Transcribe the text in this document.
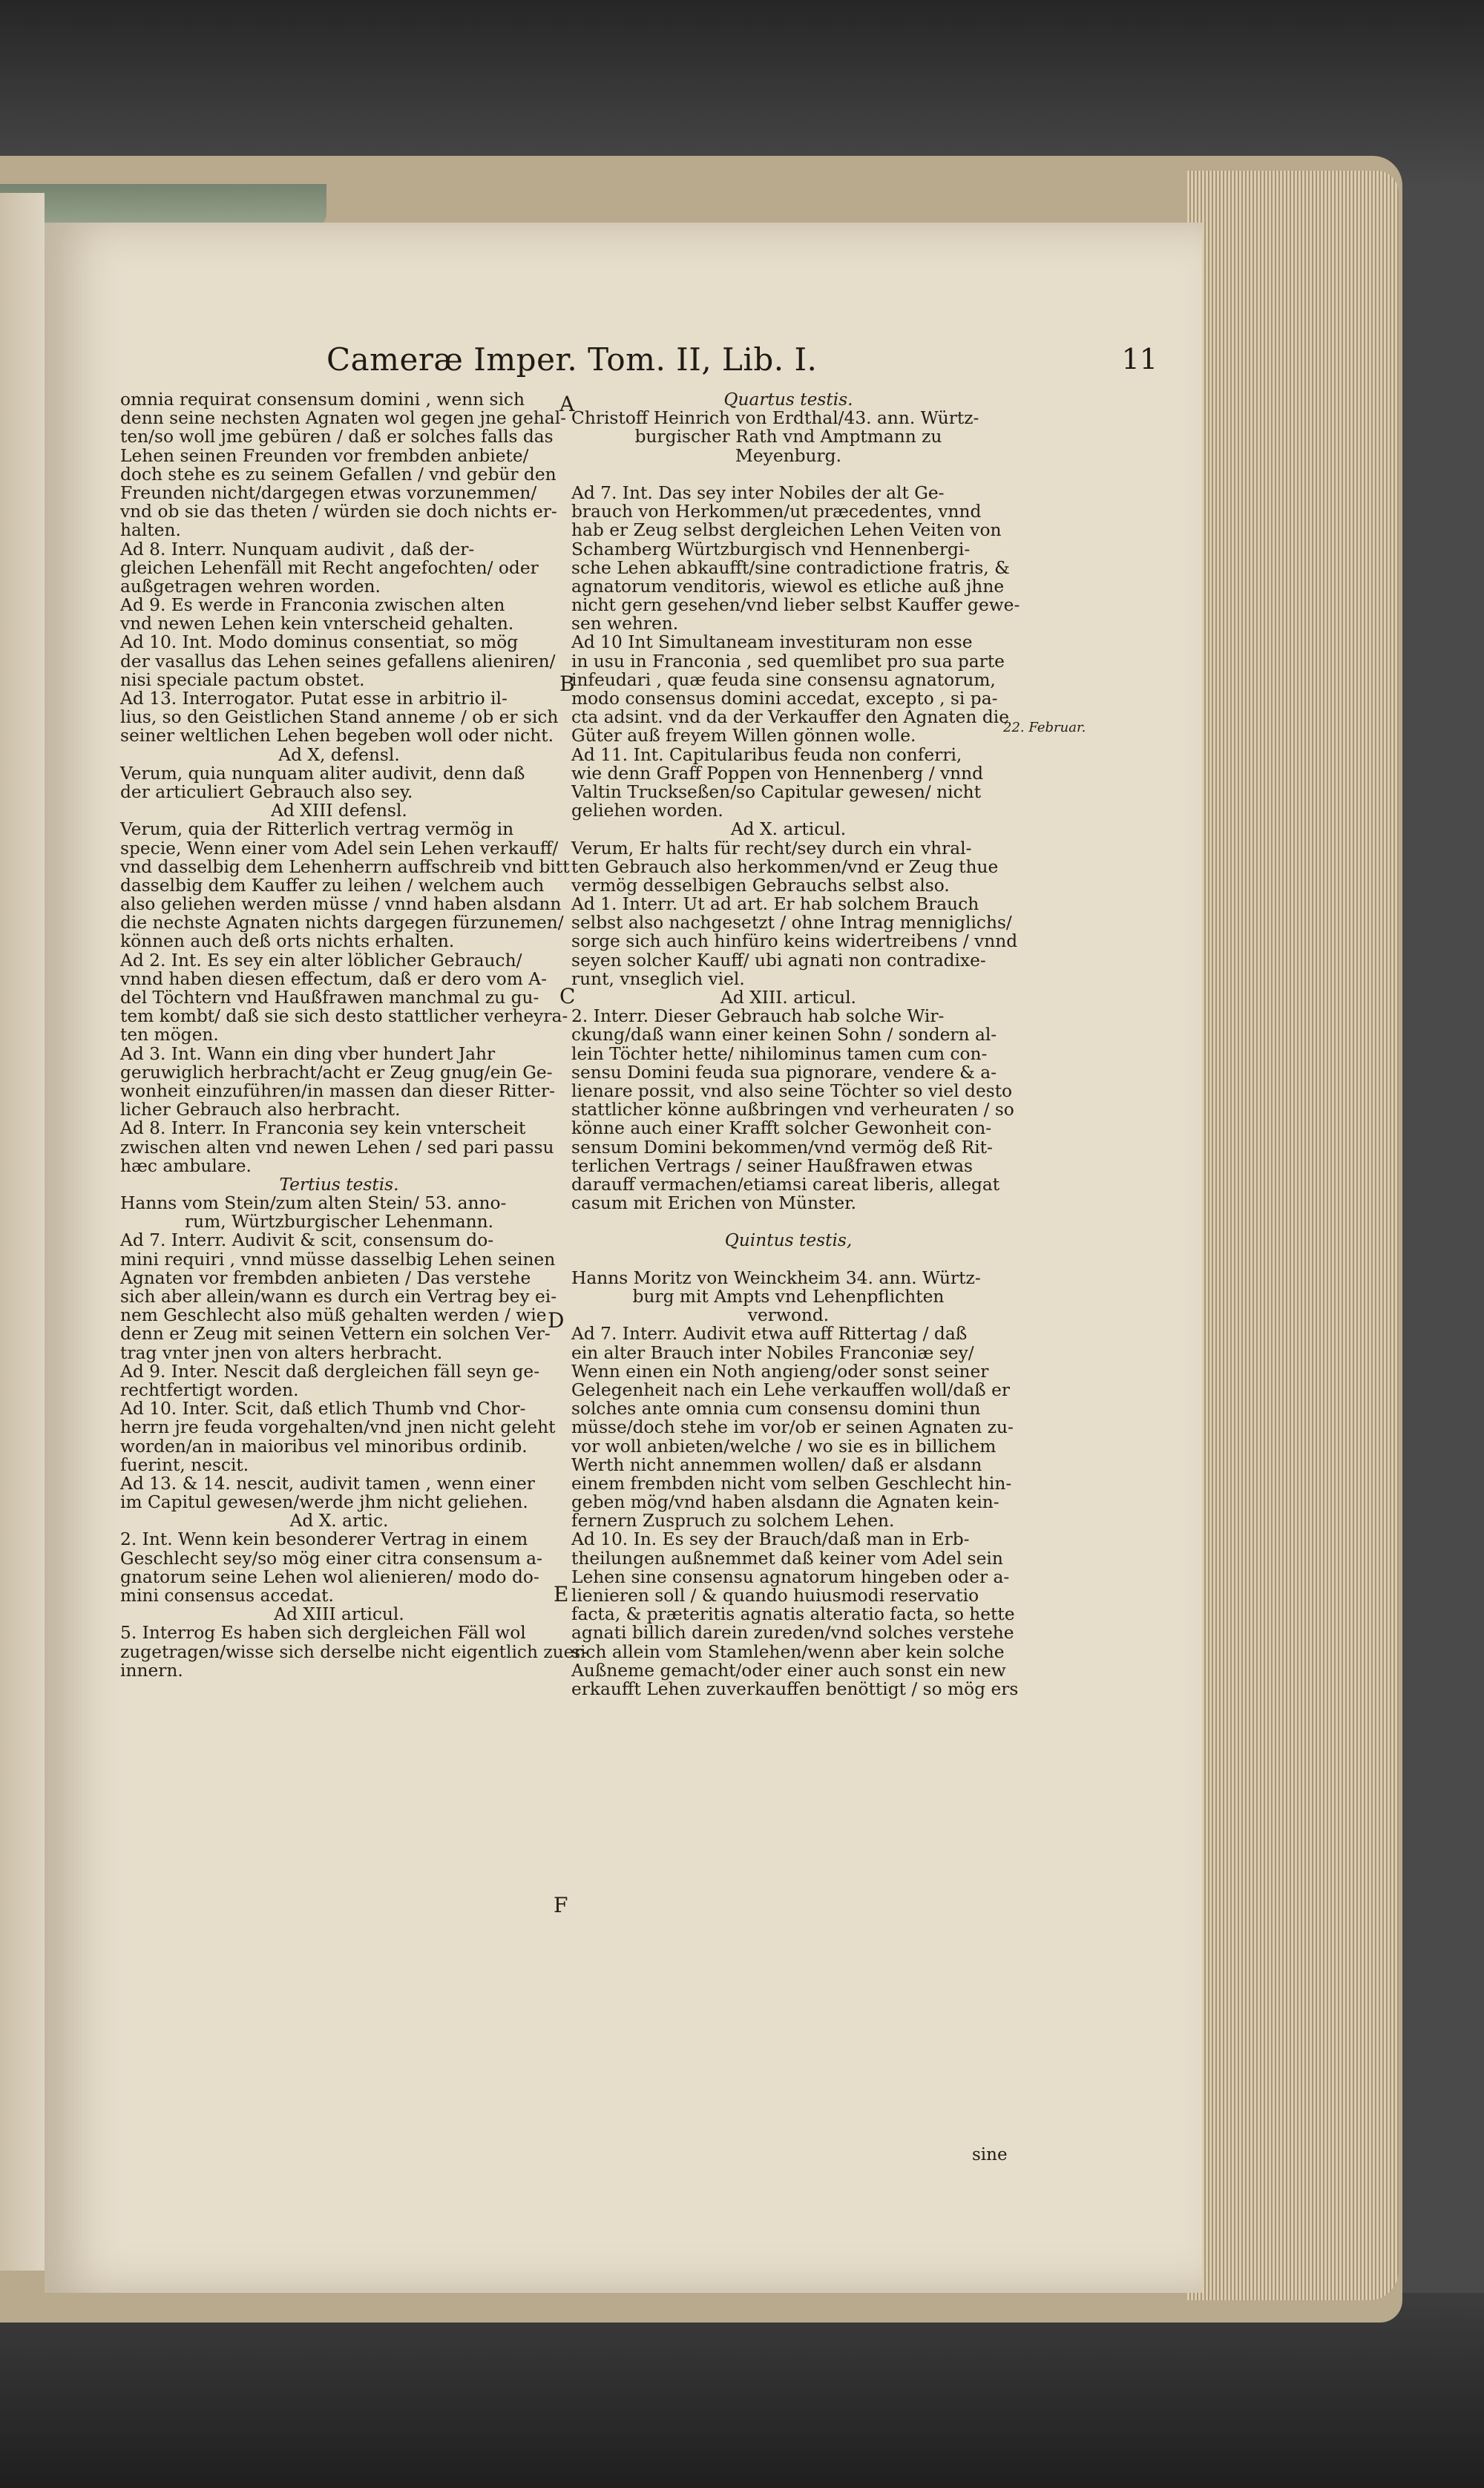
Cameræ Imper. Tom. II, Lib. I.	11
omnia requirat consensum domini , wenn sich
denn seine nechsten Agnaten wol gegen jne gehal-
ten/so woll jme gebüren / daß er solches falls das
Lehen seinen Freunden vor frembden anbiete/
doch stehe es zu seinem Gefallen / vnd gebür den
Freunden nicht/dargegen etwas vorzunemmen/
vnd ob sie das theten / würden sie doch nichts er-
halten.
Ad 8. Interr. Nunquam audivit , daß der-
gleichen Lehenfäll mit Recht angefochten/ oder
außgetragen wehren worden.
Ad 9. Es werde in Franconia zwischen alten
vnd newen Lehen kein vnterscheid gehalten.
Ad 10. Int. Modo dominus consentiat, so mög
der vasallus das Lehen seines gefallens alieniren/
nisi speciale pactum obstet.
Ad 13. Interrogator. Putat esse in arbitrio il-
lius, so den Geistlichen Stand anneme / ob er sich
seiner weltlichen Lehen begeben woll oder nicht.
Ad X, defensl.
Verum, quia nunquam aliter audivit, denn daß
der articuliert Gebrauch also sey.
Ad XIII defensl.
Verum, quia der Ritterlich vertrag vermög in
specie, Wenn einer vom Adel sein Lehen verkauff/
vnd dasselbig dem Lehenherrn auffschreib vnd bitt
dasselbig dem Kauffer zu leihen / welchem auch
also geliehen werden müsse / vnnd haben alsdann
die nechste Agnaten nichts dargegen fürzunemen/
können auch deß orts nichts erhalten.
Ad 2. Int. Es sey ein alter löblicher Gebrauch/
vnnd haben diesen effectum, daß er dero vom A-
del Töchtern vnd Haußfrawen manchmal zu gu-
tem kombt/ daß sie sich desto stattlicher verheyra-
ten mögen.
Ad 3. Int. Wann ein ding vber hundert Jahr
geruwiglich herbracht/acht er Zeug gnug/ein Ge-
wonheit einzuführen/in massen dan dieser Ritter-
licher Gebrauch also herbracht.
Ad 8. Interr. In Franconia sey kein vnterscheit
zwischen alten vnd newen Lehen / sed pari passu
hæc ambulare.
Tertius testis.
Hanns vom Stein/zum alten Stein/ 53. anno-
rum, Würtzburgischer Lehenmann.
Ad 7. Interr. Audivit & scit, consensum do-
mini requiri , vnnd müsse dasselbig Lehen seinen
Agnaten vor frembden anbieten / Das verstehe
sich aber allein/wann es durch ein Vertrag bey ei-
nem Geschlecht also müß gehalten werden / wie
denn er Zeug mit seinen Vettern ein solchen Ver-
trag vnter jnen von alters herbracht.
Ad 9. Inter. Nescit daß dergleichen fäll seyn ge-
rechtfertigt worden.
Ad 10. Inter. Scit, daß etlich Thumb vnd Chor-
herrn jre feuda vorgehalten/vnd jnen nicht geleht
worden/an in maioribus vel minoribus ordinib.
fuerint, nescit.
Ad 13. & 14. nescit, audivit tamen , wenn einer
im Capitul gewesen/werde jhm nicht geliehen.
Ad X. artic.
2. Int. Wenn kein besonderer Vertrag in einem
Geschlecht sey/so mög einer citra consensum a-
gnatorum seine Lehen wol alienieren/ modo do-
mini consensus accedat.
Ad XIII articul.
5. Interrog Es haben sich dergleichen Fäll wol
zugetragen/wisse sich derselbe nicht eigentlich zuer-
innern.
Quartus testis.
Christoff Heinrich von Erdthal/43. ann. Würtz-
burgischer Rath vnd Amptmann zu
Meyenburg.
Ad 7. Int. Das sey inter Nobiles der alt Ge-
brauch von Herkommen/ut præcedentes, vnnd
hab er Zeug selbst dergleichen Lehen Veiten von
Schamberg Würtzburgisch vnd Hennenbergi-
sche Lehen abkaufft/sine contradictione fratris, &
agnatorum venditoris, wiewol es etliche auß jhne
nicht gern gesehen/vnd lieber selbst Kauffer gewe-
sen wehren.
Ad 10 Int Simultaneam investituram non esse
in usu in Franconia , sed quemlibet pro sua parte
infeudari , quæ feuda sine consensu agnatorum,
modo consensus domini accedat, excepto , si pa-
cta adsint. vnd da der Verkauffer den Agnaten die
Güter auß freyem Willen gönnen wolle.
Ad 11. Int. Capitularibus feuda non conferri,
wie denn Graff Poppen von Hennenberg / vnnd
Valtin Truckseßen/so Capitular gewesen/ nicht
geliehen worden.
Ad X. articul.
Verum, Er halts für recht/sey durch ein vhral-
ten Gebrauch also herkommen/vnd er Zeug thue
vermög desselbigen Gebrauchs selbst also.
Ad 1. Interr. Ut ad art. Er hab solchem Brauch
selbst also nachgesetzt / ohne Intrag menniglichs/
sorge sich auch hinfüro keins widertreibens / vnnd
seyen solcher Kauff/ ubi agnati non contradixe-
runt, vnseglich viel.
Ad XIII. articul.
2. Interr. Dieser Gebrauch hab solche Wir-
ckung/daß wann einer keinen Sohn / sondern al-
lein Töchter hette/ nihilominus tamen cum con-
sensu Domini feuda sua pignorare, vendere & a-
lienare possit, vnd also seine Töchter so viel desto
stattlicher könne außbringen vnd verheuraten / so
könne auch einer Krafft solcher Gewonheit con-
sensum Domini bekommen/vnd vermög deß Rit-
terlichen Vertrags / seiner Haußfrawen etwas
darauff vermachen/etiamsi careat liberis, allegat
casum mit Erichen von Münster.
Quintus testis,
Hanns Moritz von Weinckheim 34. ann. Würtz-
burg mit Ampts vnd Lehenpflichten
verwond.
Ad 7. Interr. Audivit etwa auff Rittertag / daß
ein alter Brauch inter Nobiles Franconiæ sey/
Wenn einen ein Noth angieng/oder sonst seiner
Gelegenheit nach ein Lehe verkauffen woll/daß er
solches ante omnia cum consensu domini thun
müsse/doch stehe im vor/ob er seinen Agnaten zu-
vor woll anbieten/welche / wo sie es in billichem
Werth nicht annemmen wollen/ daß er alsdann
einem frembden nicht vom selben Geschlecht hin-
geben mög/vnd haben alsdann die Agnaten kein-
fernern Zuspruch zu solchem Lehen.
Ad 10. In. Es sey der Brauch/daß man in Erb-
theilungen außnemmet daß keiner vom Adel sein
Lehen sine consensu agnatorum hingeben oder a-
lienieren soll / & quando huiusmodi reservatio
facta, & præteritis agnatis alteratio facta, so hette
agnati billich darein zureden/vnd solches verstehe
sich allein vom Stamlehen/wenn aber kein solche
Außneme gemacht/oder einer auch sonst ein new
erkaufft Lehen zuverkauffen benöttigt / so mög ers
A
B
C
D
E
F
22. Februar.
sine
